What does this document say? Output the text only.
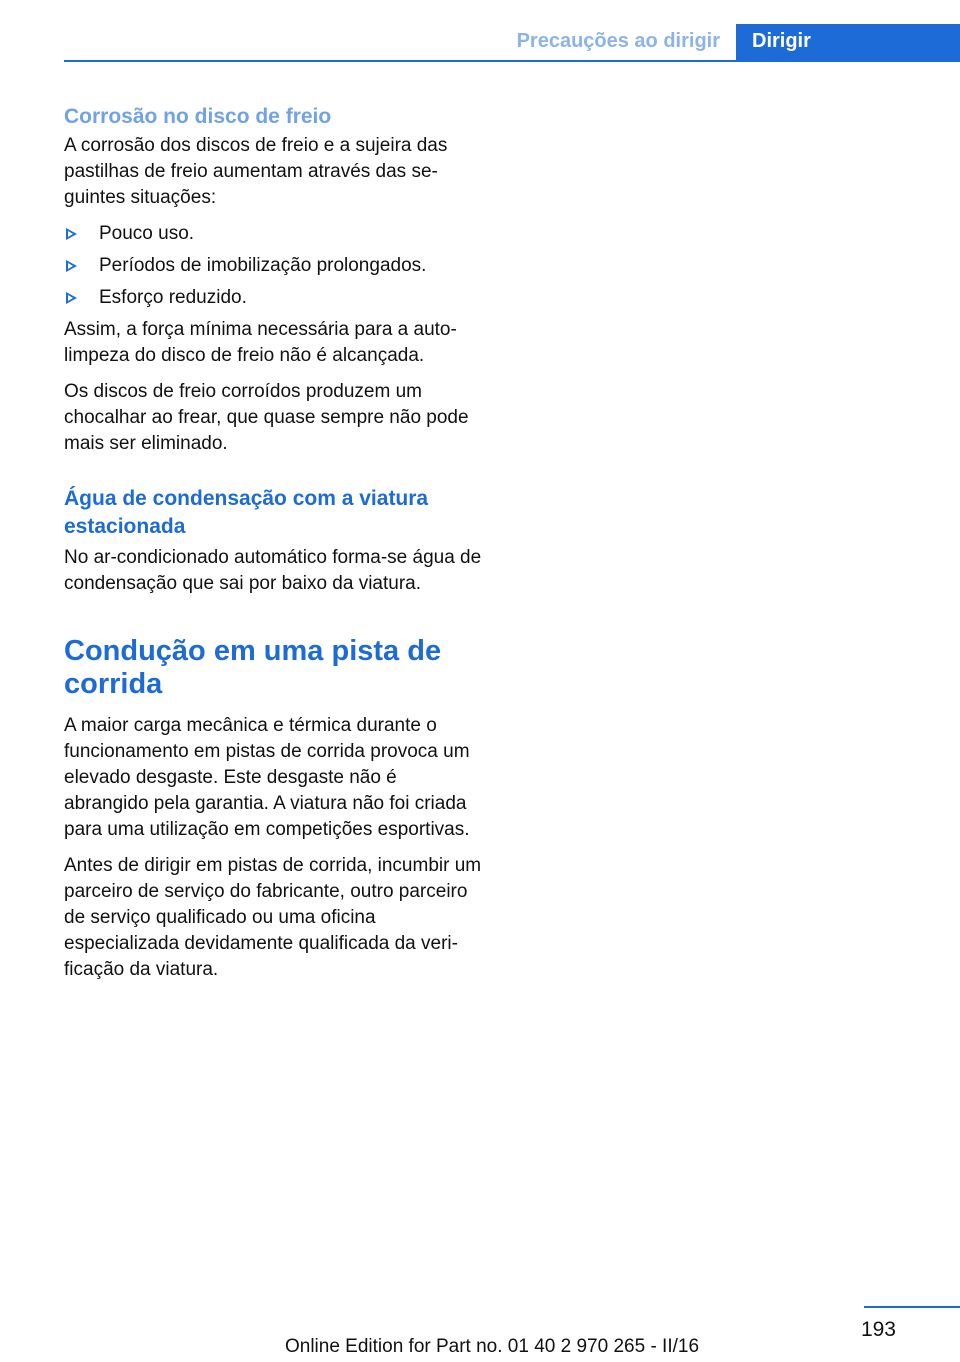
Precauções ao dirigir	Dirigir
Corrosão no disco de freio

A corrosão dos discos de freio e a sujeira das pastilhas de freio aumentam através das seguintes situações:

Pouco uso.
Períodos de imobilização prolongados.
Esforço reduzido.

Assim, a força mínima necessária para a auto-limpeza do disco de freio não é alcançada.

Os discos de freio corroídos produzem um chocalhar ao frear, que quase sempre não pode mais ser eliminado.

Água de condensação com a viatura estacionada

No ar-condicionado automático forma-se água de condensação que sai por baixo da viatura.

Condução em uma pista de corrida

A maior carga mecânica e térmica durante o funcionamento em pistas de corrida provoca um elevado desgaste. Este desgaste não é abrangido pela garantia. A viatura não foi criada para uma utilização em competições esportivas.

Antes de dirigir em pistas de corrida, incumbir um parceiro de serviço do fabricante, outro parceiro de serviço qualificado ou uma oficina especializada devidamente qualificada da verificação da viatura.

193
Online Edition for Part no. 01 40 2 970 265 - II/16
